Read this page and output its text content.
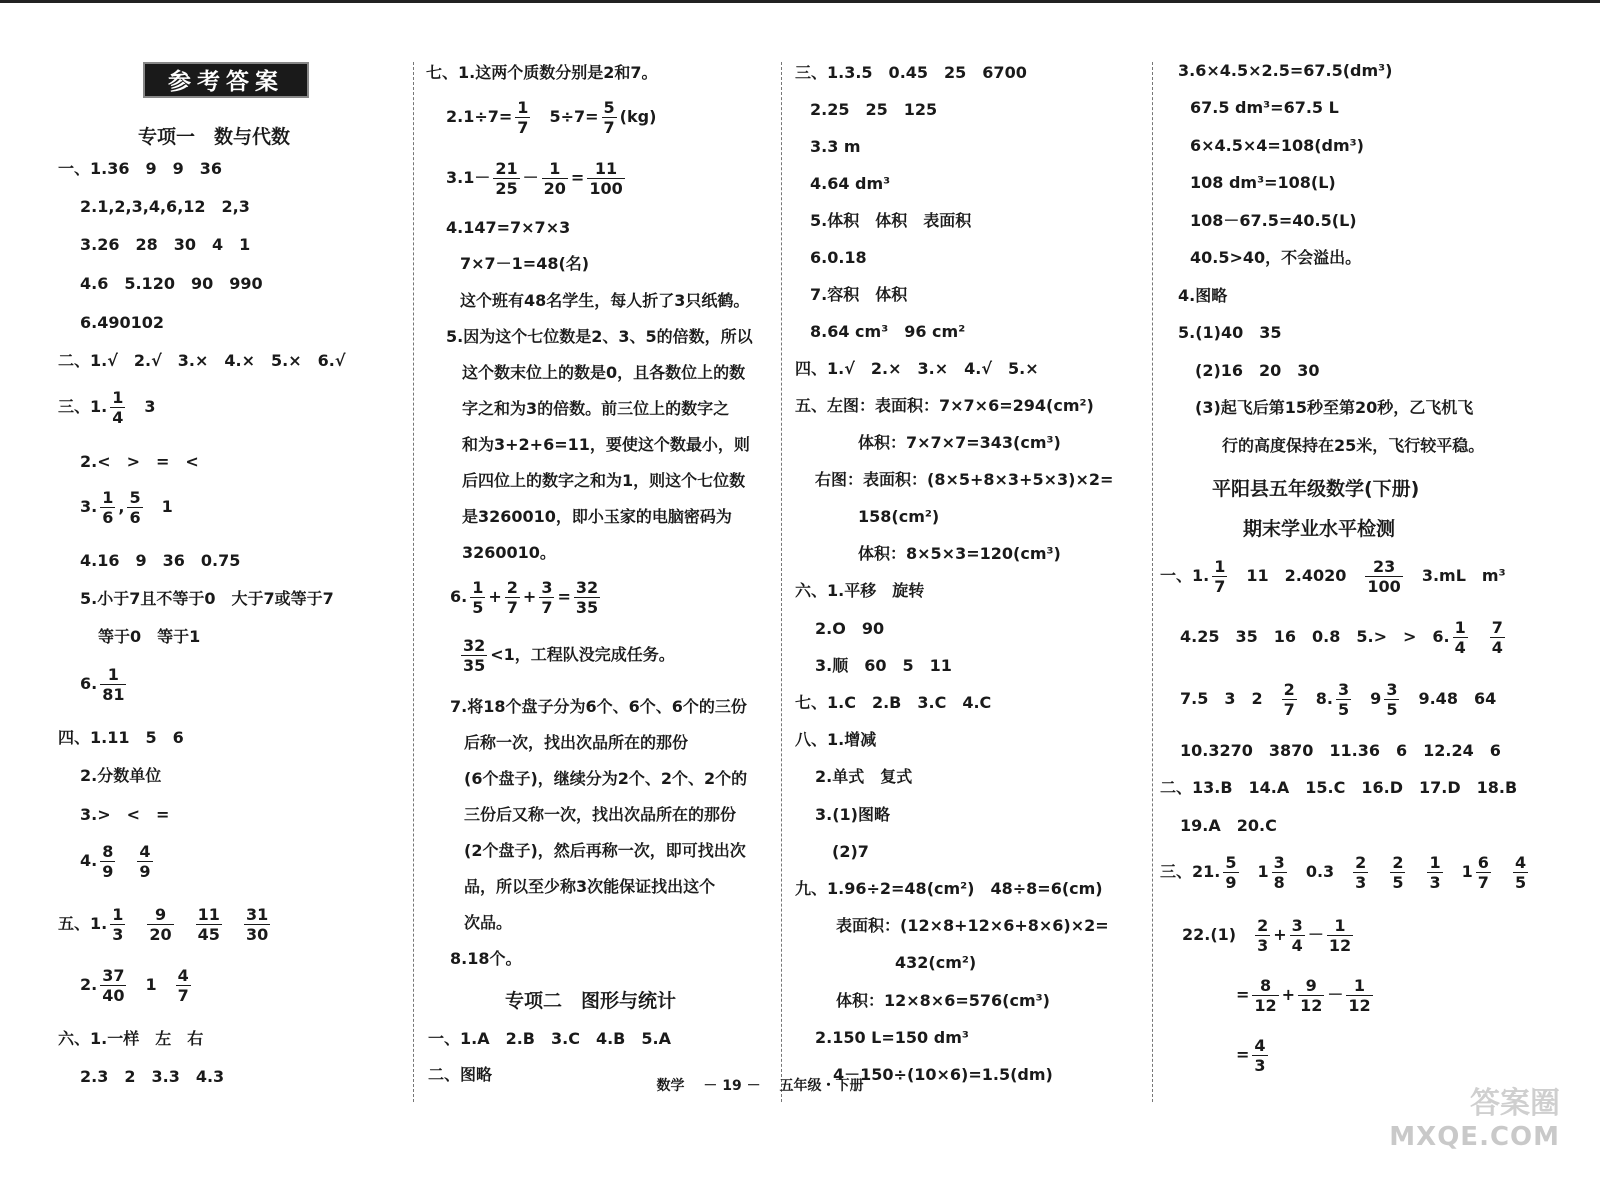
参考答案
专项一　数与代数
一、1.36　9　9　36
2.1,2,3,4,6,12　2,3
3.26　28　30　4　1
4.6　5.120　90　990
6.490102
二、1.√　2.√　3.×　4.×　5.×　6.√
三、1. $\frac{1}{4}$
　 3
2.<　>　=　<
3. $\frac{1}{6}$ , $\frac{5}{6}$
　 1
4.16　9　36　0.75
5.小于7且不等于0　大于7或等于7
等于0　等于1
6. $\frac{1}{81}$
四、1.11　5　6
2.分数单位
3.>　<　=
4. $\frac{8}{9}$
　 $\frac{4}{9}$
五、1. $\frac{1}{3}$
　 $\frac{9}{20}$
　 $\frac{11}{45}$
　 $\frac{31}{30}$
2. $\frac{37}{40}$
　 1　 $\frac{4}{7}$
六、1.一样　左　右
2.3　2　3.3　4.3
七、1.这两个质数分别是2和7。
$2.1\div 7= \frac{1}{7}$
　 $5\div 7= \frac{5}{7} (kg)$
$3.1- \frac{21}{25} - \frac{1}{20} = \frac{11}{100}$
4.147=7×7×3
7×7－1=48(名)
这个班有48名学生，每人折了3只纸鹤。
5.因为这个七位数是2、3、5的倍数，所以
这个数末位上的数是0，且各数位上的数
字之和为3的倍数。前三位上的数字之
和为3+2+6=11，要使这个数最小，则
后四位上的数字之和为1，则这个七位数
是3260010，即小玉家的电脑密码为
3260010。
6. $\frac{1}{5} + \frac{2}{7} + \frac{3}{7} = \frac{32}{35}$
$\frac{32}{35} <1$，工程队没完成任务。
7.将18个盘子分为6个、6个、6个的三份
后称一次，找出次品所在的那份
(6个盘子)，继续分为2个、2个、2个的
三份后又称一次，找出次品所在的那份
(2个盘子)，然后再称一次，即可找出次
品，所以至少称3次能保证找出这个
次品。
8.18个。
专项二　图形与统计
一、1.A　2.B　3.C　4.B　5.A
二、图略
三、1.3.5　0.45　25　6700
2.25　25　125
3.3 m
4.64 dm³
5.体积　体积　表面积
6.0.18
7.容积　体积
8.64 cm³　96 cm²
四、1.√　2.×　3.×　4.√　5.×
五、左图：表面积：7×7×6=294(cm²)
体积：7×7×7=343(cm³)
右图：表面积：(8×5+8×3+5×3)×2=
158(cm²)
体积：8×5×3=120(cm³)
六、1.平移　旋转
2.O　90
3.顺　60　5　11
七、1.C　2.B　3.C　4.C
八、1.增减
2.单式　复式
3.(1)图略
(2)7
九、1.96÷2=48(cm²)　48÷8=6(cm)
表面积：(12×8+12×6+8×6)×2=
432(cm²)
体积：12×8×6=576(cm³)
2.150 L=150 dm³
4－150÷(10×6)=1.5(dm)
3.6×4.5×2.5=67.5(dm³)
67.5 dm³=67.5 L
6×4.5×4=108(dm³)
108 dm³=108(L)
108－67.5=40.5(L)
40.5>40，不会溢出。
4.图略
5.(1)40　35
(2)16　20　30
(3)起飞后第15秒至第20秒，乙飞机飞
行的高度保持在25米，飞行较平稳。
平阳县五年级数学(下册)
期末学业水平检测
一、1. $\frac{1}{7}$
　 11　2.4020　 $\frac{23}{100}$
　 3.mL　m³
4.25　35　16　0.8　5.>　>　6. $\frac{1}{4}$
　 $\frac{7}{4}$
7.5　3　2　 $\frac{2}{7}$
　 8. $\frac{3}{5}$
　 $9 \frac{3}{5}$
　 9.48　64
10.3270　3870　11.36　6　12.24　6
二、13.B　14.A　15.C　16.D　17.D　18.B
19.A　20.C
三、21. $\frac{5}{9}$
　 $1 \frac{3}{8}$
　 0.3　 $\frac{2}{3}$
　 $\frac{2}{5}$
　 $\frac{1}{3}$
　 $1 \frac{6}{7}$
　 $\frac{4}{5}$
22.(1)　 $\frac{2}{3} + \frac{3}{4} - \frac{1}{12}$
= $\frac{8}{12} + \frac{9}{12} - \frac{1}{12}$
= $\frac{4}{3}$
数学　 － 19 －　 五年级・下册	答案圈
MXQE.COM
